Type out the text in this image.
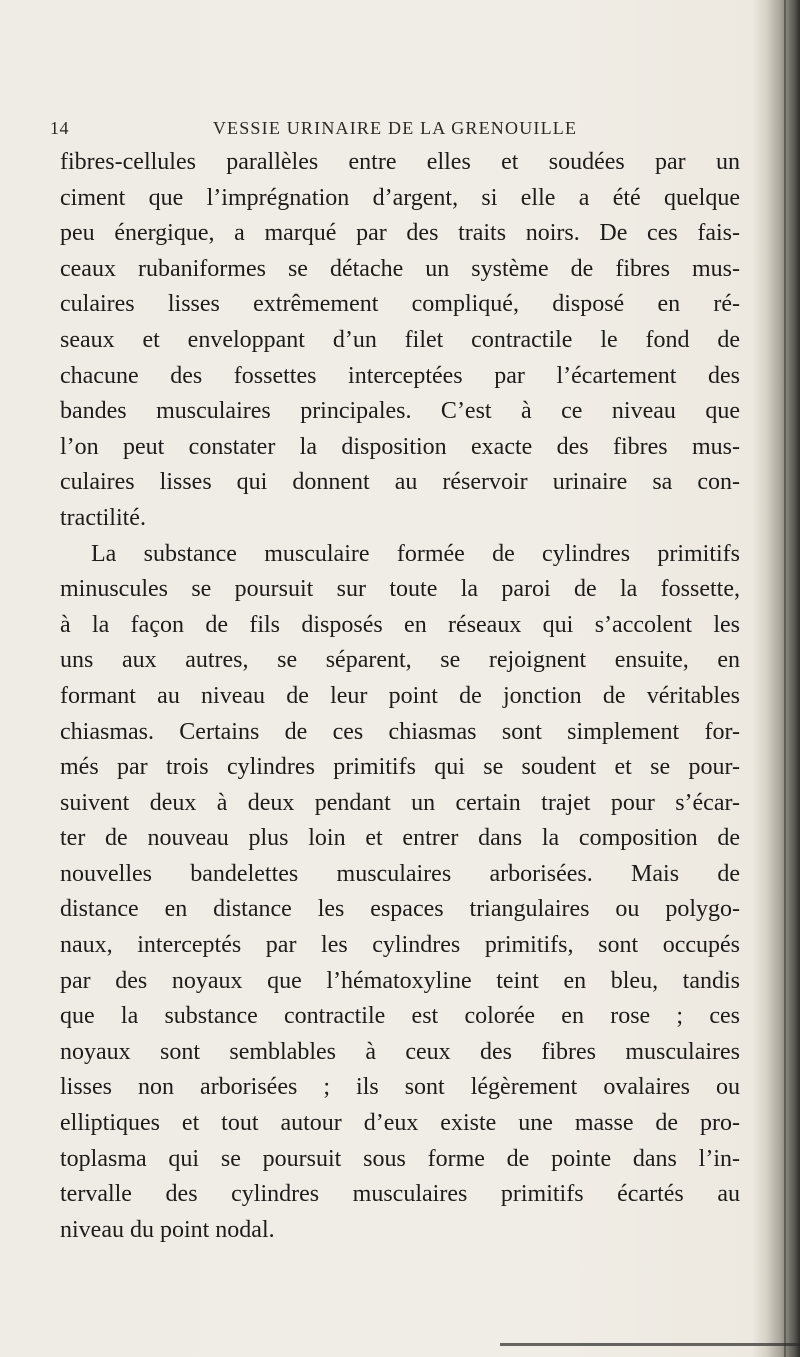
14	VESSIE URINAIRE DE LA GRENOUILLE
fibres-cellules parallèles entre elles et soudées par un
ciment que l’imprégnation d’argent, si elle a été quelque
peu énergique, a marqué par des traits noirs. De ces fais-
ceaux rubaniformes se détache un système de fibres mus-
culaires lisses extrêmement compliqué, disposé en ré-
seaux et enveloppant d’un filet contractile le fond de
chacune des fossettes interceptées par l’écartement des
bandes musculaires principales. C’est à ce niveau que
l’on peut constater la disposition exacte des fibres mus-
culaires lisses qui donnent au réservoir urinaire sa con-
tractilité.
La substance musculaire formée de cylindres primitifs
minuscules se poursuit sur toute la paroi de la fossette,
à la façon de fils disposés en réseaux qui s’accolent les
uns aux autres, se séparent, se rejoignent ensuite, en
formant au niveau de leur point de jonction de véritables
chiasmas. Certains de ces chiasmas sont simplement for-
més par trois cylindres primitifs qui se soudent et se pour-
suivent deux à deux pendant un certain trajet pour s’écar-
ter de nouveau plus loin et entrer dans la composition de
nouvelles bandelettes musculaires arborisées. Mais de
distance en distance les espaces triangulaires ou polygo-
naux, interceptés par les cylindres primitifs, sont occupés
par des noyaux que l’hématoxyline teint en bleu, tandis
que la substance contractile est colorée en rose ; ces
noyaux sont semblables à ceux des fibres musculaires
lisses non arborisées ; ils sont légèrement ovalaires ou
elliptiques et tout autour d’eux existe une masse de pro-
toplasma qui se poursuit sous forme de pointe dans l’in-
tervalle des cylindres musculaires primitifs écartés au
niveau du point nodal.
